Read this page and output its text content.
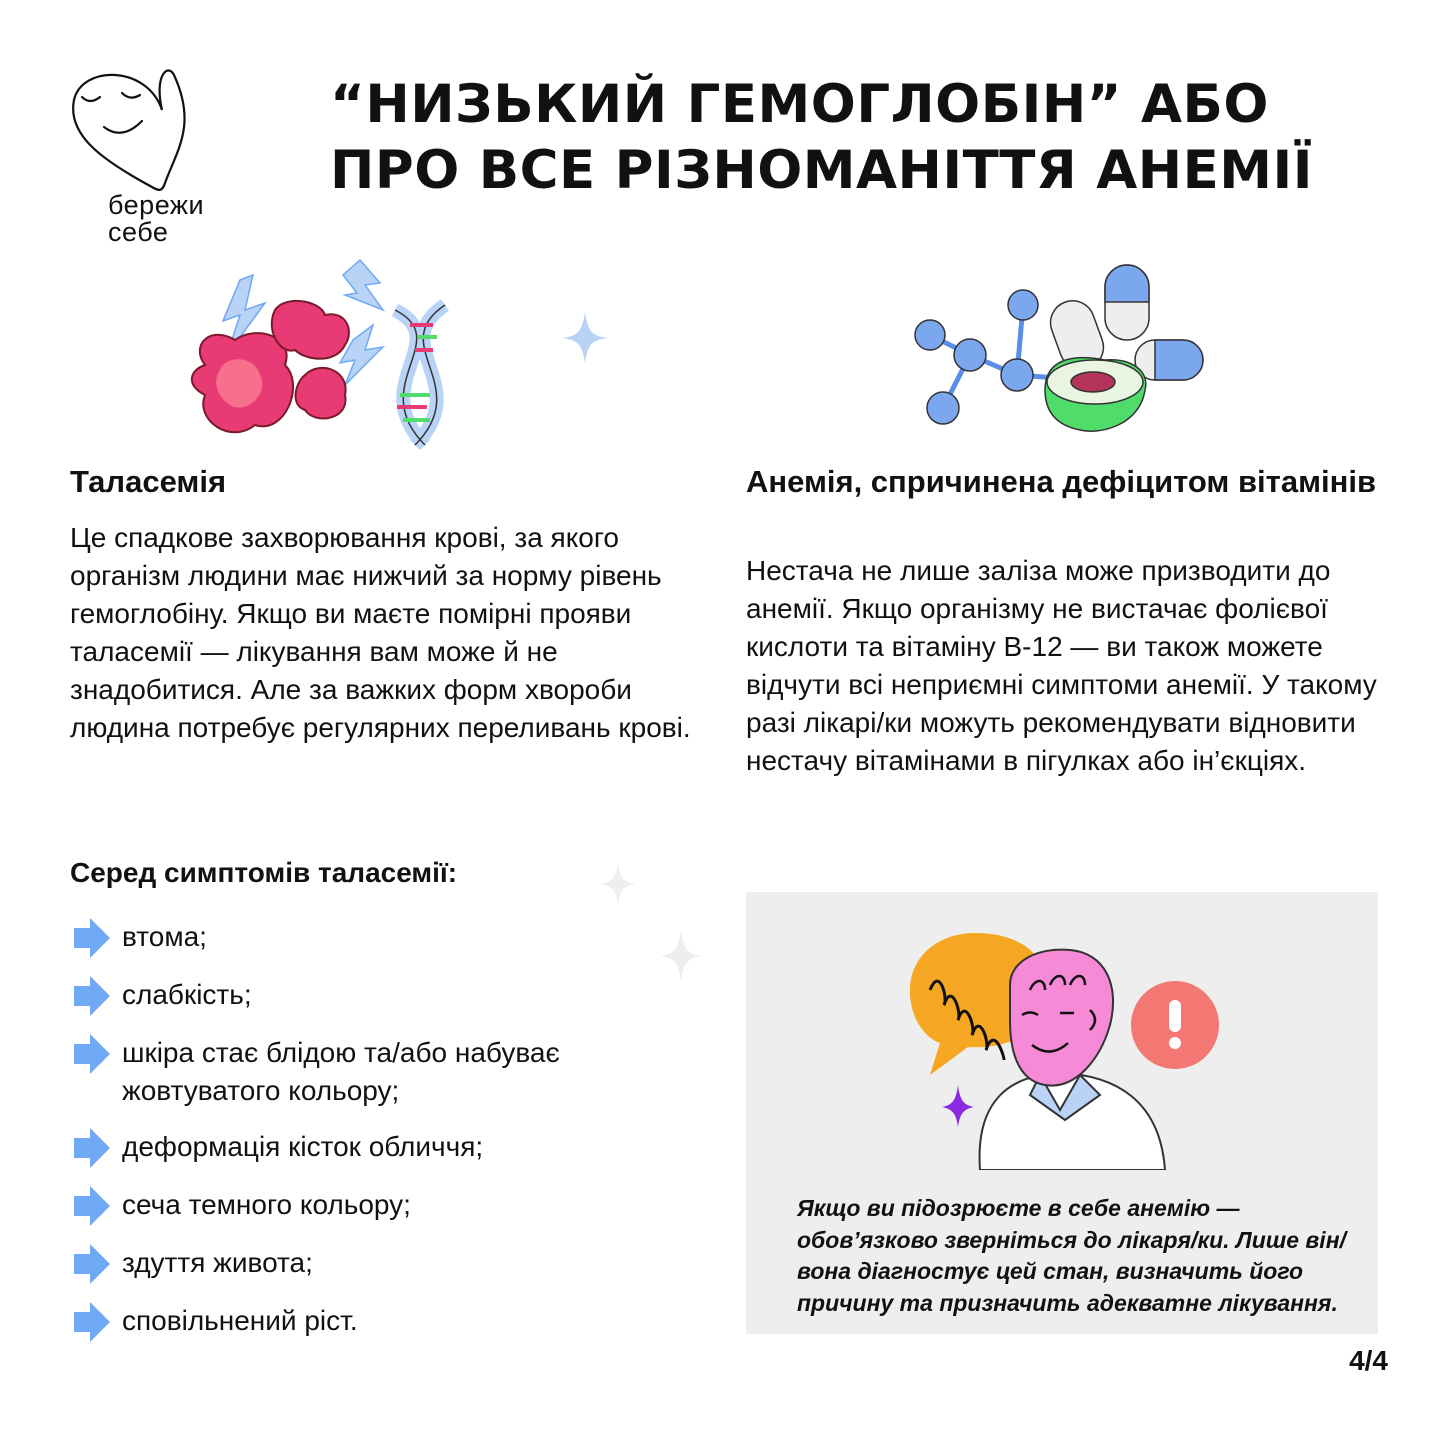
бережи
себе
“НИЗЬКИЙ ГЕМОГЛОБІН” АБО
ПРО ВСЕ РІЗНОМАНІТТЯ АНЕМІЇ
Таласемія
Це спадкове захворювання крові, за якого організм людини має нижчий за норму рівень гемоглобіну. Якщо ви маєте помірні прояви таласемії — лікування вам може й не знадобитися. Але за важких форм хвороби людина потребує регулярних переливань крові.
Серед симптомів таласемії:
втома;
слабкість;
шкіра стає блідою та/або набуває жовтуватого кольору;
деформація кісток обличчя;
сеча темного кольору;
здуття живота;
сповільнений ріст.
Анемія, спричинена дефіцитом вітамінів
Нестача не лише заліза може призводити до анемії. Якщо організму не вистачає фолієвої кислоти та вітаміну B-12 — ви також можете відчути всі неприємні симптоми анемії. У такому разі лікарі/ки можуть рекомендувати відновити нестачу вітамінами в пігулках або ін’єкціях.
Якщо ви підозрюєте в себе анемію — обов’язково зверніться до лікаря/ки. Лише він/вона діагностує цей стан, визначить його причину та призначить адекватне лікування.
4/4
